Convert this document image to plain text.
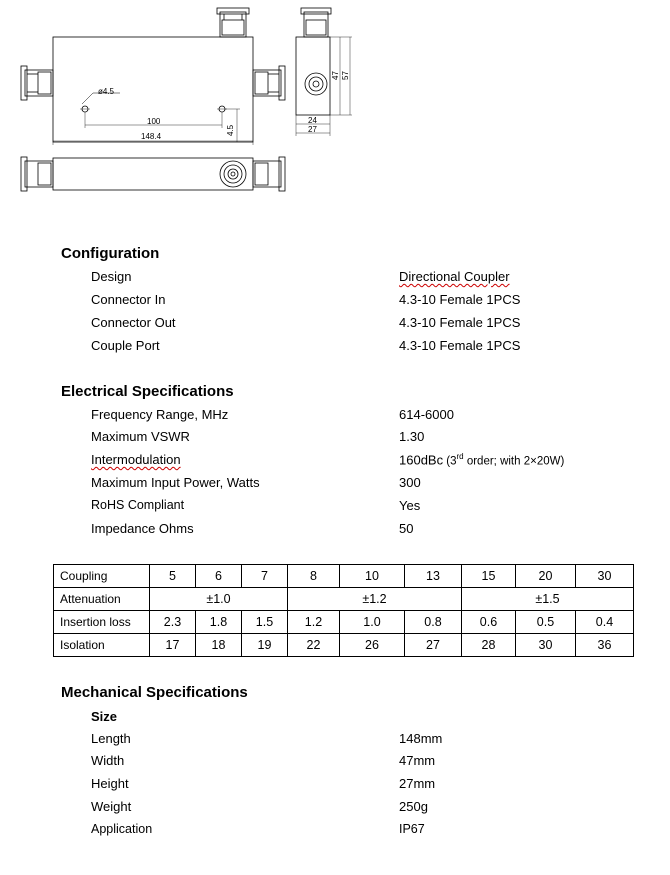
ø4.5
100
148.4
4.5
24
27
47 57
Configuration
Design	Directional Coupler
Connector In	4.3-10 Female 1PCS
Connector Out	4.3-10 Female 1PCS
Couple Port	4.3-10 Female 1PCS
Electrical Specifications
Frequency Range, MHz	614-6000
Maximum VSWR	1.30
Intermodulation	160dBc (3rd order; with 2×20W)
Maximum Input Power, Watts	300
RoHS Compliant	Yes
Impedance Ohms	50
Coupling	5	6	7	8	10	13	15	20	30
Attenuation	±1.0			±1.2			±1.5		
Insertion loss	2.3	1.8	1.5	1.2	1.0	0.8	0.6	0.5	0.4
Isolation	17	18	19	22	26	27	28	30	36
Mechanical Specifications
Size
Length	148mm
Width	47mm
Height	27mm
Weight	250g
Application	IP67
